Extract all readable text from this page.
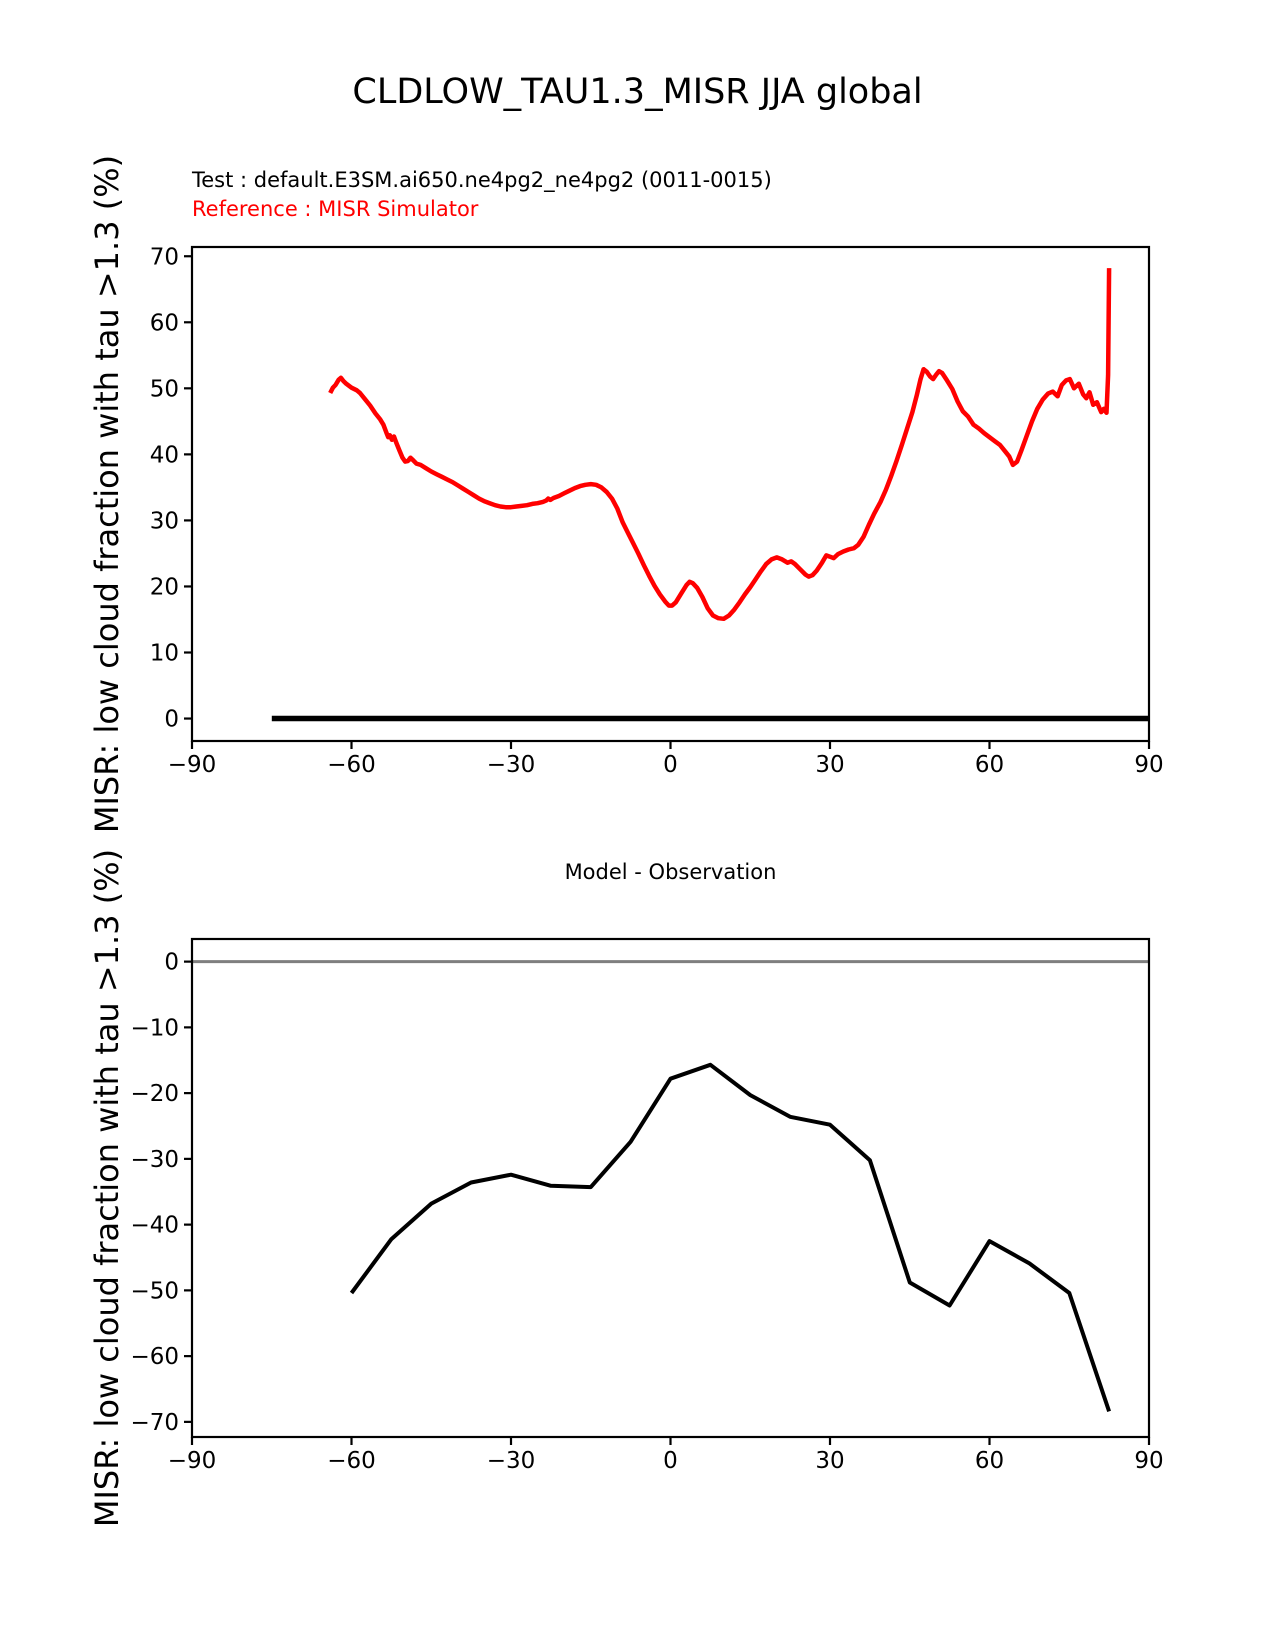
CLDLOW_TAU1.3_MISR JJA global
Test : default.E3SM.ai650.ne4pg2_ne4pg2 (0011-0015)
Reference : MISR Simulator
Model - Observation
MISR: low cloud fraction with tau >1.3 (%)
MISR: low cloud fraction with tau >1.3 (%)
−90	−60	−30	0	30	60	90
0
10
20
30
40
50
60
70
−90	−60	−30	0	30	60	90
0
−10
−20
−30
−40
−50
−60
−70
